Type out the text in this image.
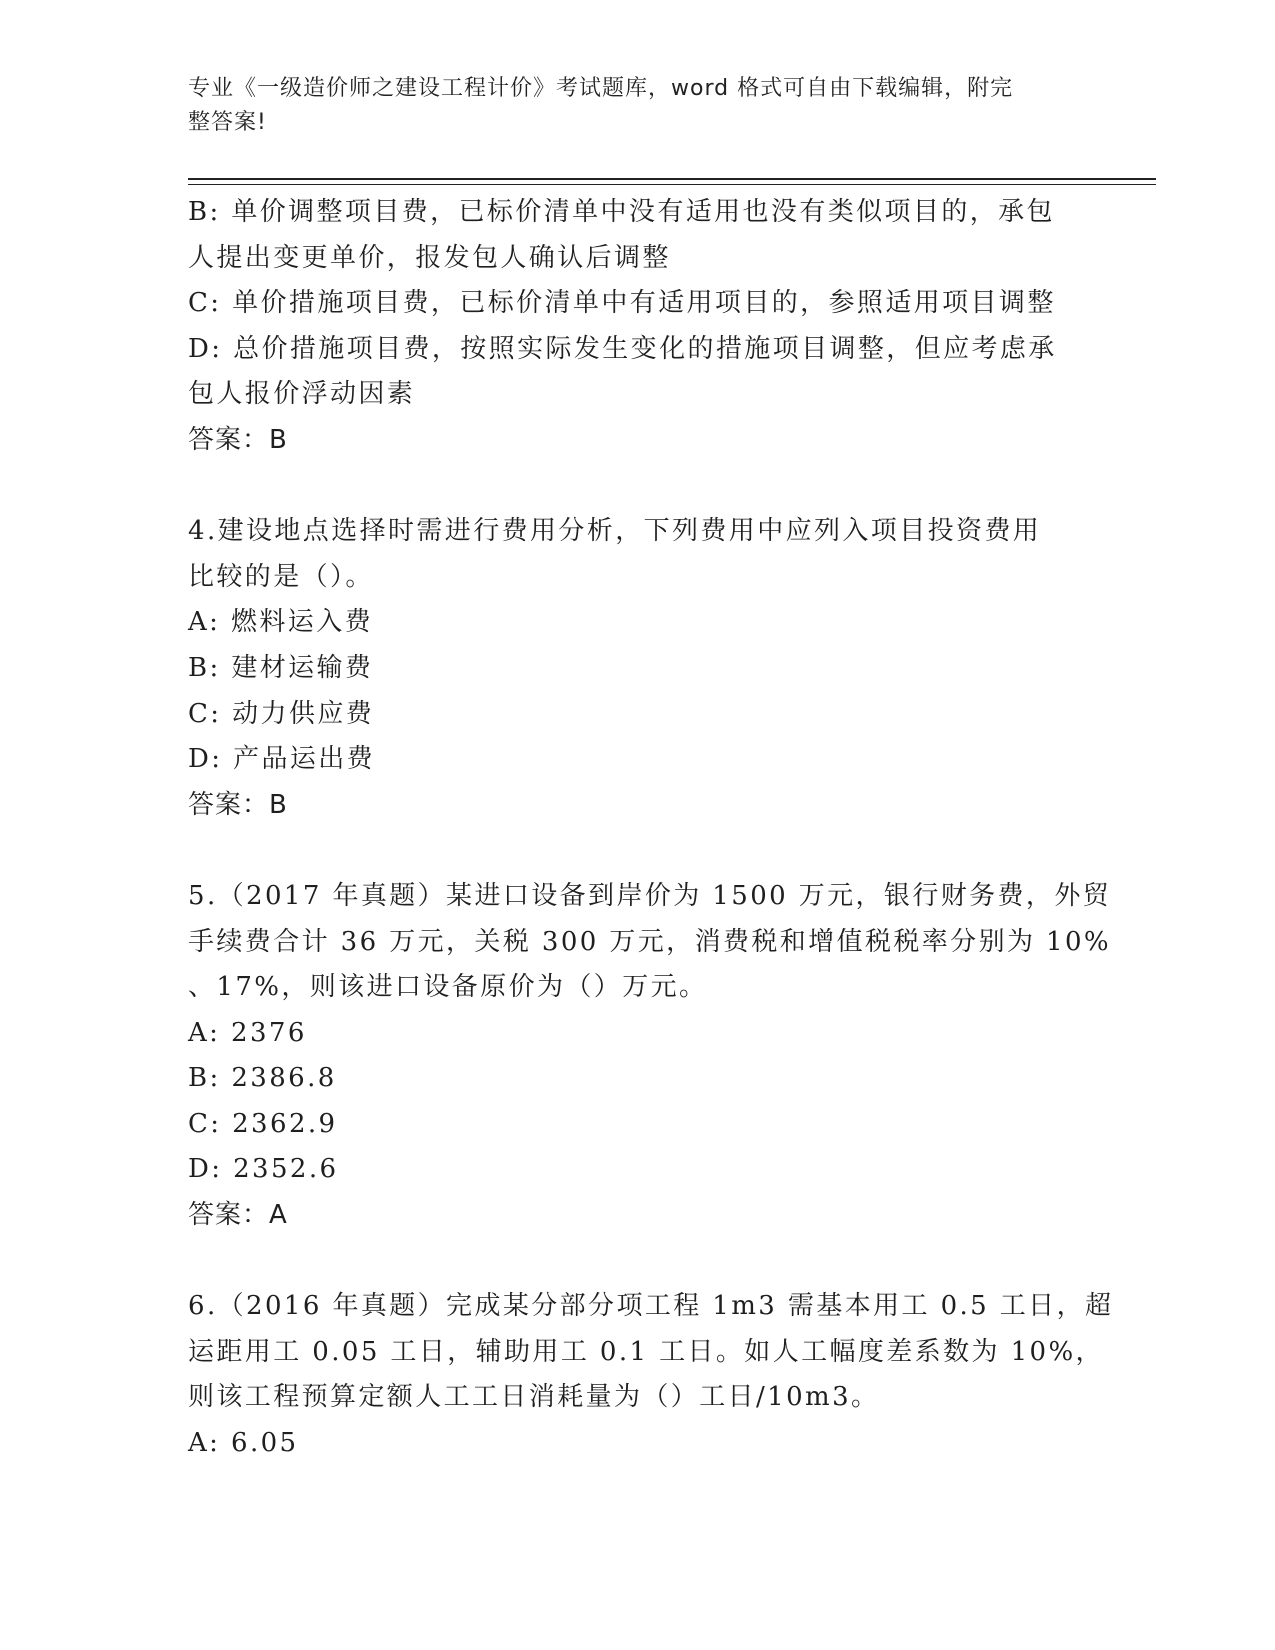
专业《一级造价师之建设工程计价》考试题库，word 格式可自由下载编辑，附完
整答案!
B: 单价调整项目费，已标价清单中没有适用也没有类似项目的，承包
人提出变更单价，报发包人确认后调整
C: 单价措施项目费，已标价清单中有适用项目的，参照适用项目调整
D: 总价措施项目费，按照实际发生变化的措施项目调整，但应考虑承
包人报价浮动因素
答案：B
4.建设地点选择时需进行费用分析，下列费用中应列入项目投资费用
比较的是（）。
A: 燃料运入费
B: 建材运输费
C: 动力供应费
D: 产品运出费
答案：B
5.（2017 年真题）某进口设备到岸价为 1500 万元，银行财务费，外贸
手续费合计 36 万元，关税 300 万元，消费税和增值税税率分别为 10%
、17%，则该进口设备原价为（）万元。
A: 2376
B: 2386.8
C: 2362.9
D: 2352.6
答案：A
6.（2016 年真题）完成某分部分项工程 1m3 需基本用工 0.5 工日，超
运距用工 0.05 工日，辅助用工 0.1 工日。如人工幅度差系数为 10%，
则该工程预算定额人工工日消耗量为（）工日/10m3。
A: 6.05
